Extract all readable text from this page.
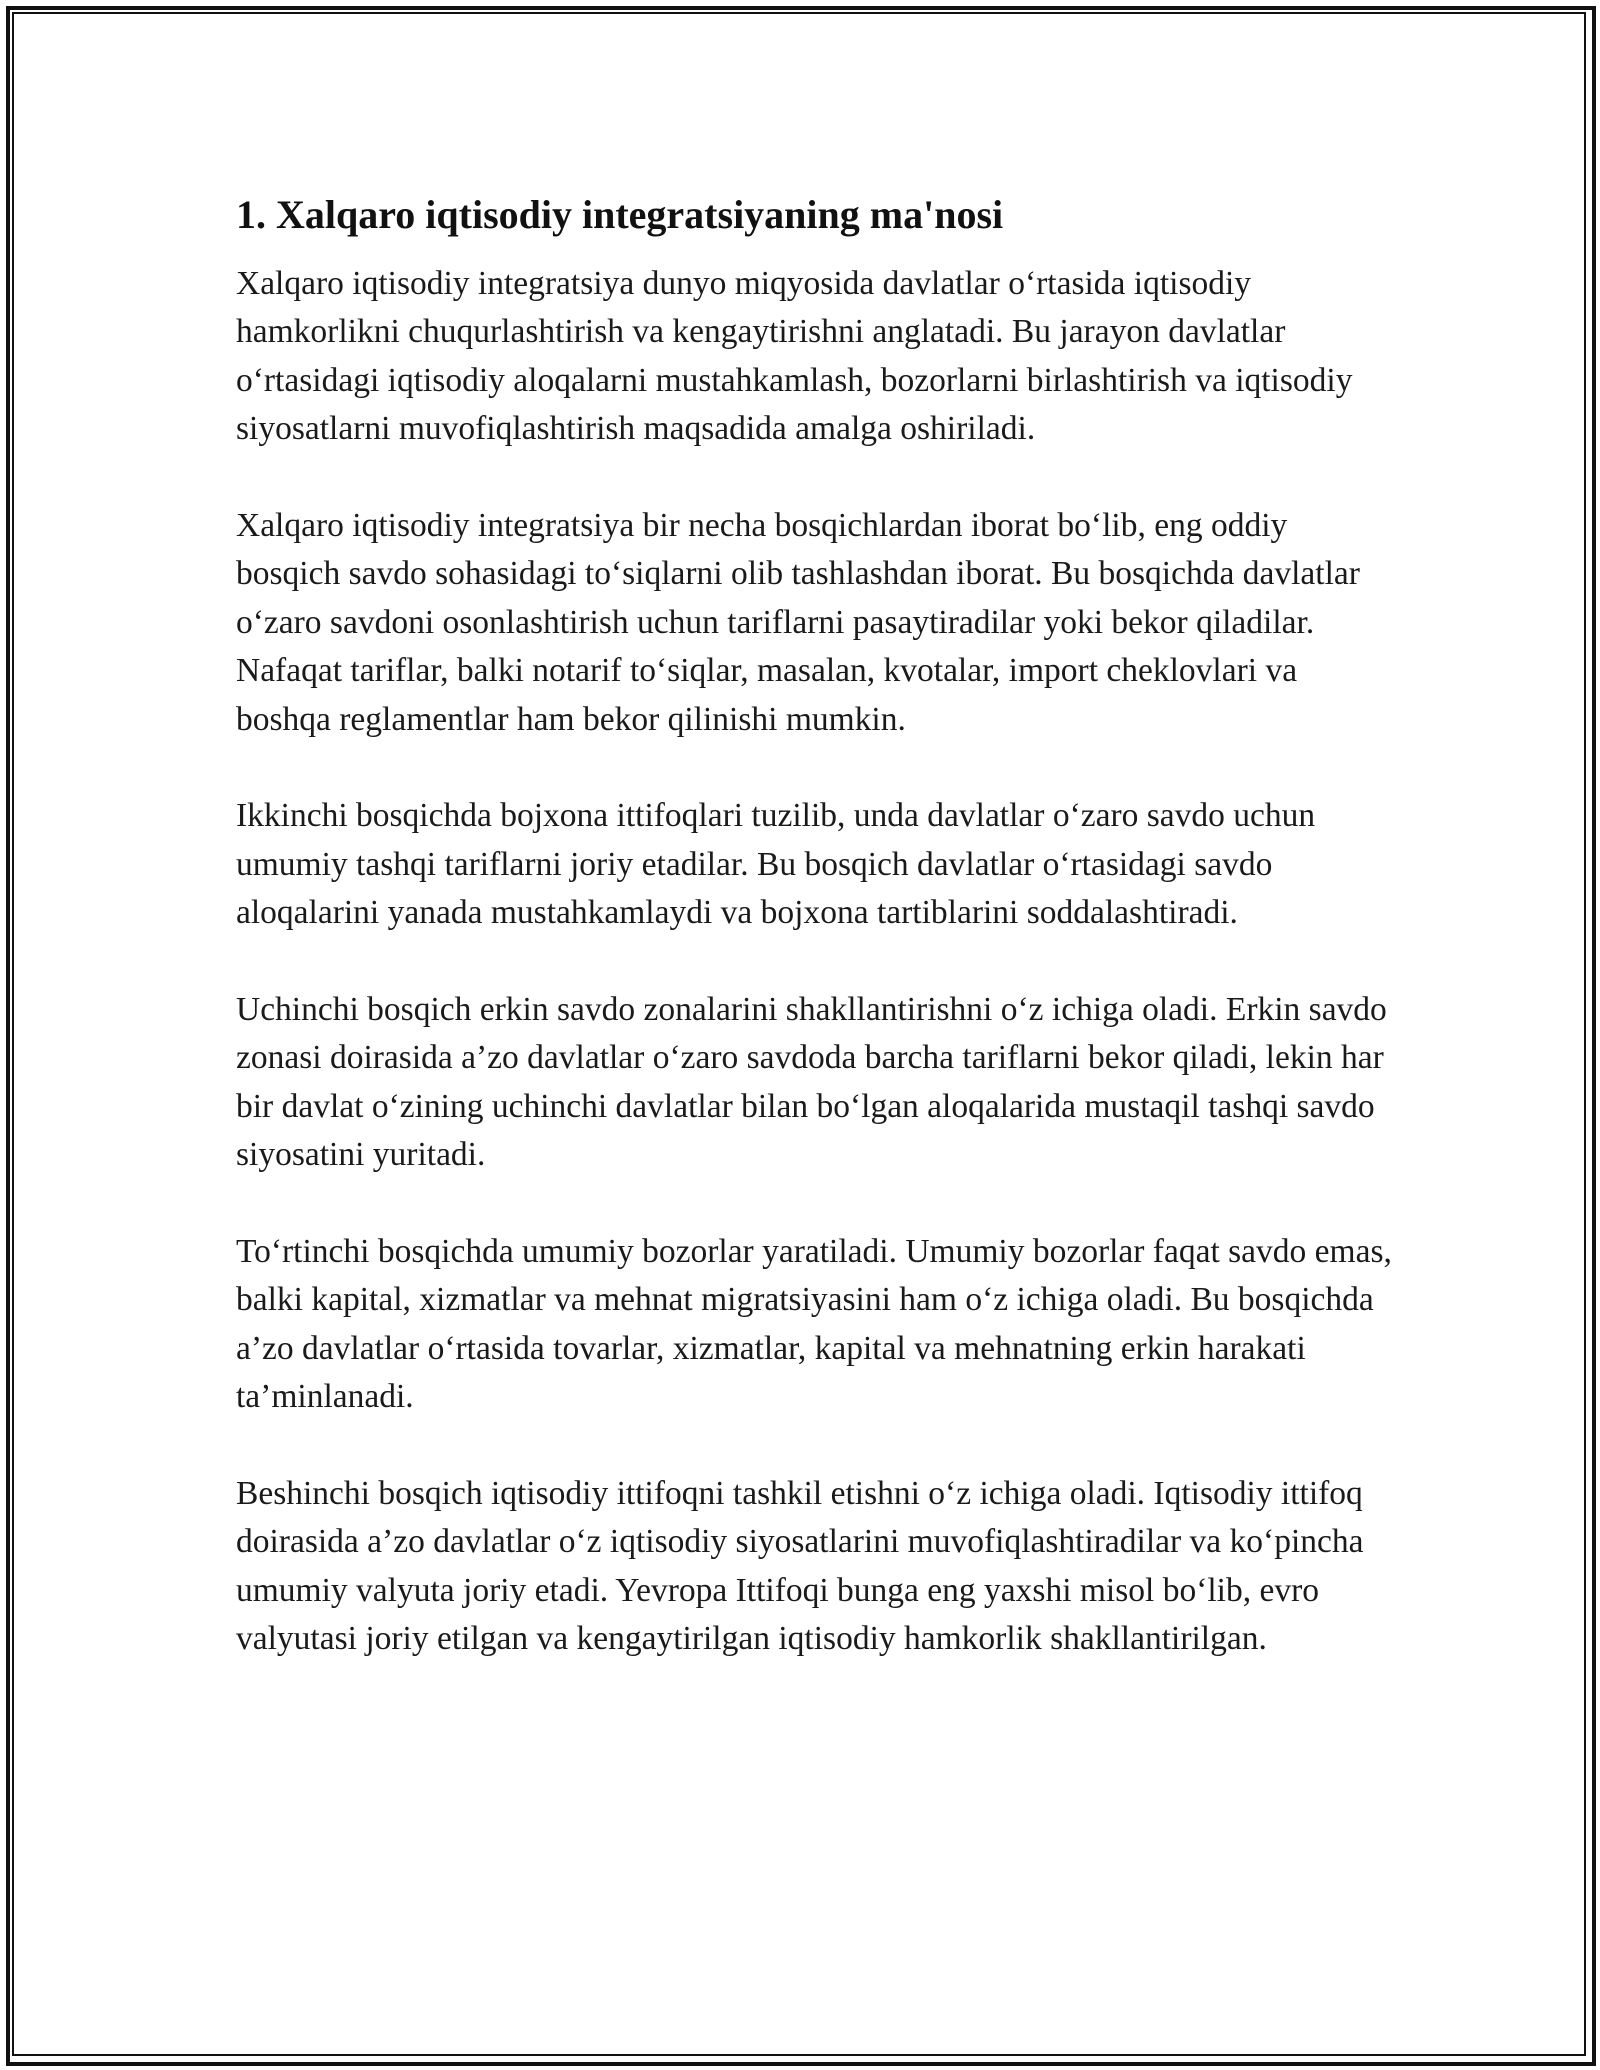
1. Xalqaro iqtisodiy integratsiyaning ma'nosi

Xalqaro iqtisodiy integratsiya dunyo miqyosida davlatlar o‘rtasida iqtisodiy hamkorlikni chuqurlashtirish va kengaytirishni anglatadi. Bu jarayon davlatlar o‘rtasidagi iqtisodiy aloqalarni mustahkamlash, bozorlarni birlashtirish va iqtisodiy siyosatlarni muvofiqlashtirish maqsadida amalga oshiriladi.

Xalqaro iqtisodiy integratsiya bir necha bosqichlardan iborat bo‘lib, eng oddiy bosqich savdo sohasidagi to‘siqlarni olib tashlashdan iborat. Bu bosqichda davlatlar o‘zaro savdoni osonlashtirish uchun tariflarni pasaytiradilar yoki bekor qiladilar. Nafaqat tariflar, balki notarif to‘siqlar, masalan, kvotalar, import cheklovlari va boshqa reglamentlar ham bekor qilinishi mumkin.

Ikkinchi bosqichda bojxona ittifoqlari tuzilib, unda davlatlar o‘zaro savdo uchun umumiy tashqi tariflarni joriy etadilar. Bu bosqich davlatlar o‘rtasidagi savdo aloqalarini yanada mustahkamlaydi va bojxona tartiblarini soddalashtiradi.

Uchinchi bosqich erkin savdo zonalarini shakllantirishni o‘z ichiga oladi. Erkin savdo zonasi doirasida a’zo davlatlar o‘zaro savdoda barcha tariflarni bekor qiladi, lekin har bir davlat o‘zining uchinchi davlatlar bilan bo‘lgan aloqalarida mustaqil tashqi savdo siyosatini yuritadi.

To‘rtinchi bosqichda umumiy bozorlar yaratiladi. Umumiy bozorlar faqat savdo emas, balki kapital, xizmatlar va mehnat migratsiyasini ham o‘z ichiga oladi. Bu bosqichda a’zo davlatlar o‘rtasida tovarlar, xizmatlar, kapital va mehnatning erkin harakati ta’minlanadi.

Beshinchi bosqich iqtisodiy ittifoqni tashkil etishni o‘z ichiga oladi. Iqtisodiy ittifoq doirasida a’zo davlatlar o‘z iqtisodiy siyosatlarini muvofiqlashtiradilar va ko‘pincha umumiy valyuta joriy etadi. Yevropa Ittifoqi bunga eng yaxshi misol bo‘lib, evro valyutasi joriy etilgan va kengaytirilgan iqtisodiy hamkorlik shakllantirilgan.
